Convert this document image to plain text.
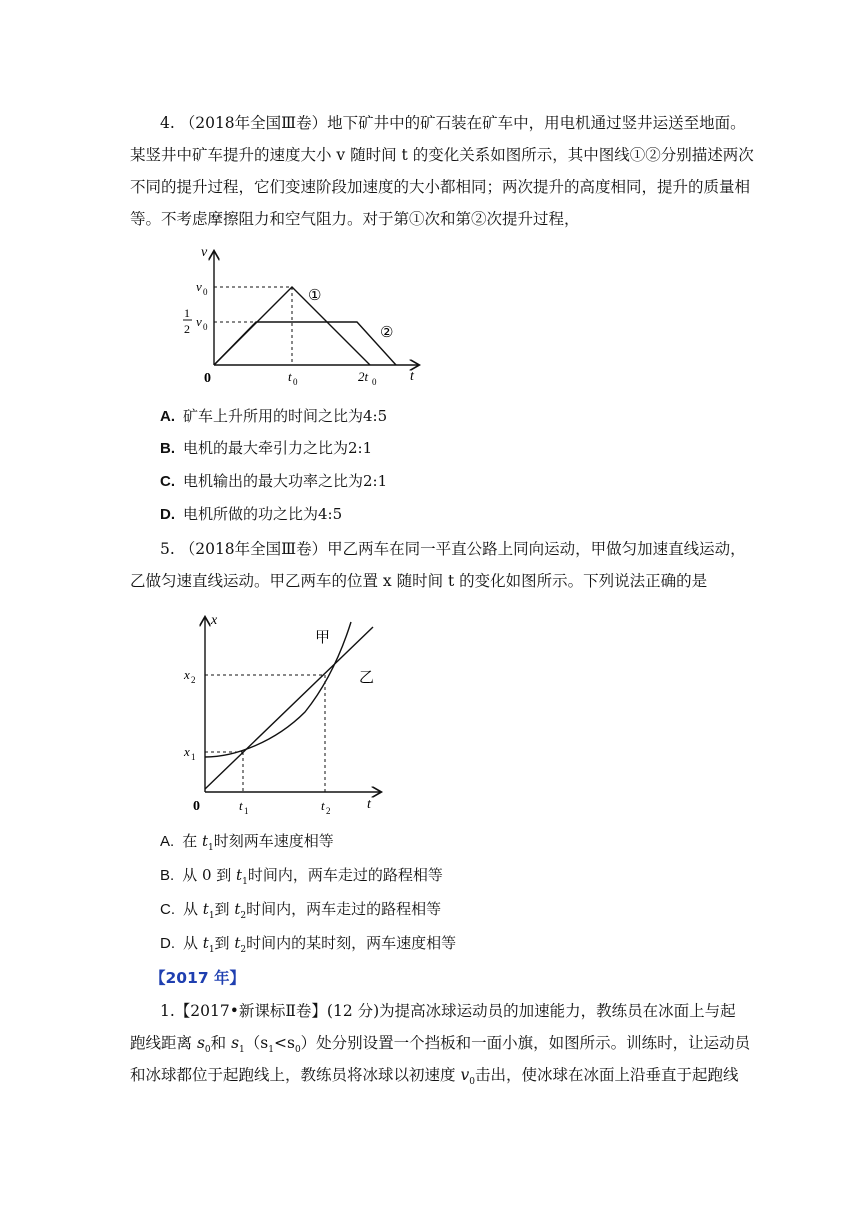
4. （2018年全国Ⅲ卷）地下矿井中的矿石装在矿车中，用电机通过竖井运送至地面。
某竖井中矿车提升的速度大小 v 随时间 t 的变化关系如图所示，其中图线①②分别描述两次
不同的提升过程，它们变速阶段加速度的大小都相同；两次提升的高度相同，提升的质量相
等。不考虑摩擦阻力和空气阻力。对于第①次和第②次提升过程，
①
②
v
t
0
v 0
1
2 v 0
t 0	2t 0
A. 矿车上升所用的时间之比为4:5
B. 电机的最大牵引力之比为2:1
C. 电机输出的最大功率之比为2:1
D. 电机所做的功之比为4:5
5. （2018年全国Ⅲ卷）甲乙两车在同一平直公路上同向运动，甲做匀加速直线运动，
乙做匀速直线运动。甲乙两车的位置 x 随时间 t 的变化如图所示。下列说法正确的是
x
t
0
x 1
x 2
t 1	t 2
甲
乙
A. 在 $t_1$时刻两车速度相等
B. 从 0 到 $t_1$时间内，两车走过的路程相等
C. 从 $t_1$到 $t_2$时间内，两车走过的路程相等
D. 从 $t_1$到 $t_2$时间内的某时刻，两车速度相等
【2017 年】
1.【2017•新课标Ⅱ卷】(12 分)为提高冰球运动员的加速能力，教练员在冰面上与起
跑线距离 $s_0$和 $s_1(s_1<s_0)$处分别设置一个挡板和一面小旗，如图所示。训练时，让运动员
和冰球都位于起跑线上，教练员将冰球以初速度 $v_0$击出，使冰球在冰面上沿垂直于起跑线
